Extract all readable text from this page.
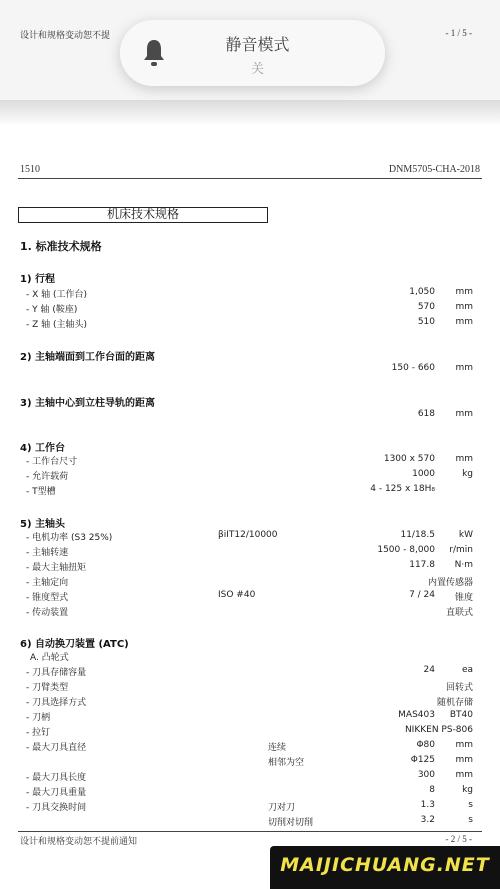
设计和规格变动恕不提	- 1 / 5 -
静音模式
关
1510	DNM5705-CHA-2018
机床技术规格
1. 标准技术规格
1) 行程
- X 轴 (工作台)	1,050 mm
- Y 轴 (鞍座)	570 mm
- Z 轴 (主轴头)	510 mm
2) 主轴端面到工作台面的距离
150 - 660 mm
3) 主轴中心到立柱导轨的距离
618 mm
4) 工作台
- 工作台尺寸	1300 x 570 mm
- 允许载荷	1000	kg
- T型槽	4 - 125 x 18H₈
5) 主轴头
- 电机功率 (S3 25%)	βiIT12/10000	11/18.5	kW
- 主轴转速	1500 - 8,000 r/min
- 最大主轴扭矩	117.8 N·m
- 主轴定向	内置传感器
- 锥度型式	ISO #40	7 / 24 锥度
- 传动装置	直联式
6) 自动换刀装置 (ATC)
A. 凸轮式
- 刀具存储容量	24	ea
- 刀臂类型	回转式
- 刀具选择方式	随机存储
- 刀柄	MAS403 BT40
- 拉钉	NIKKEN PS-806
- 最大刀具直径	连续	Φ80 mm
相邻为空	Φ125 mm
- 最大刀具长度	300 mm
- 最大刀具重量	8	kg
- 刀具交换时间	刀对刀	1.3	s
切削对切削	3.2	s
设计和规格变动恕不提前通知	- 2 / 5 -
MAIJICHUANG.NET
